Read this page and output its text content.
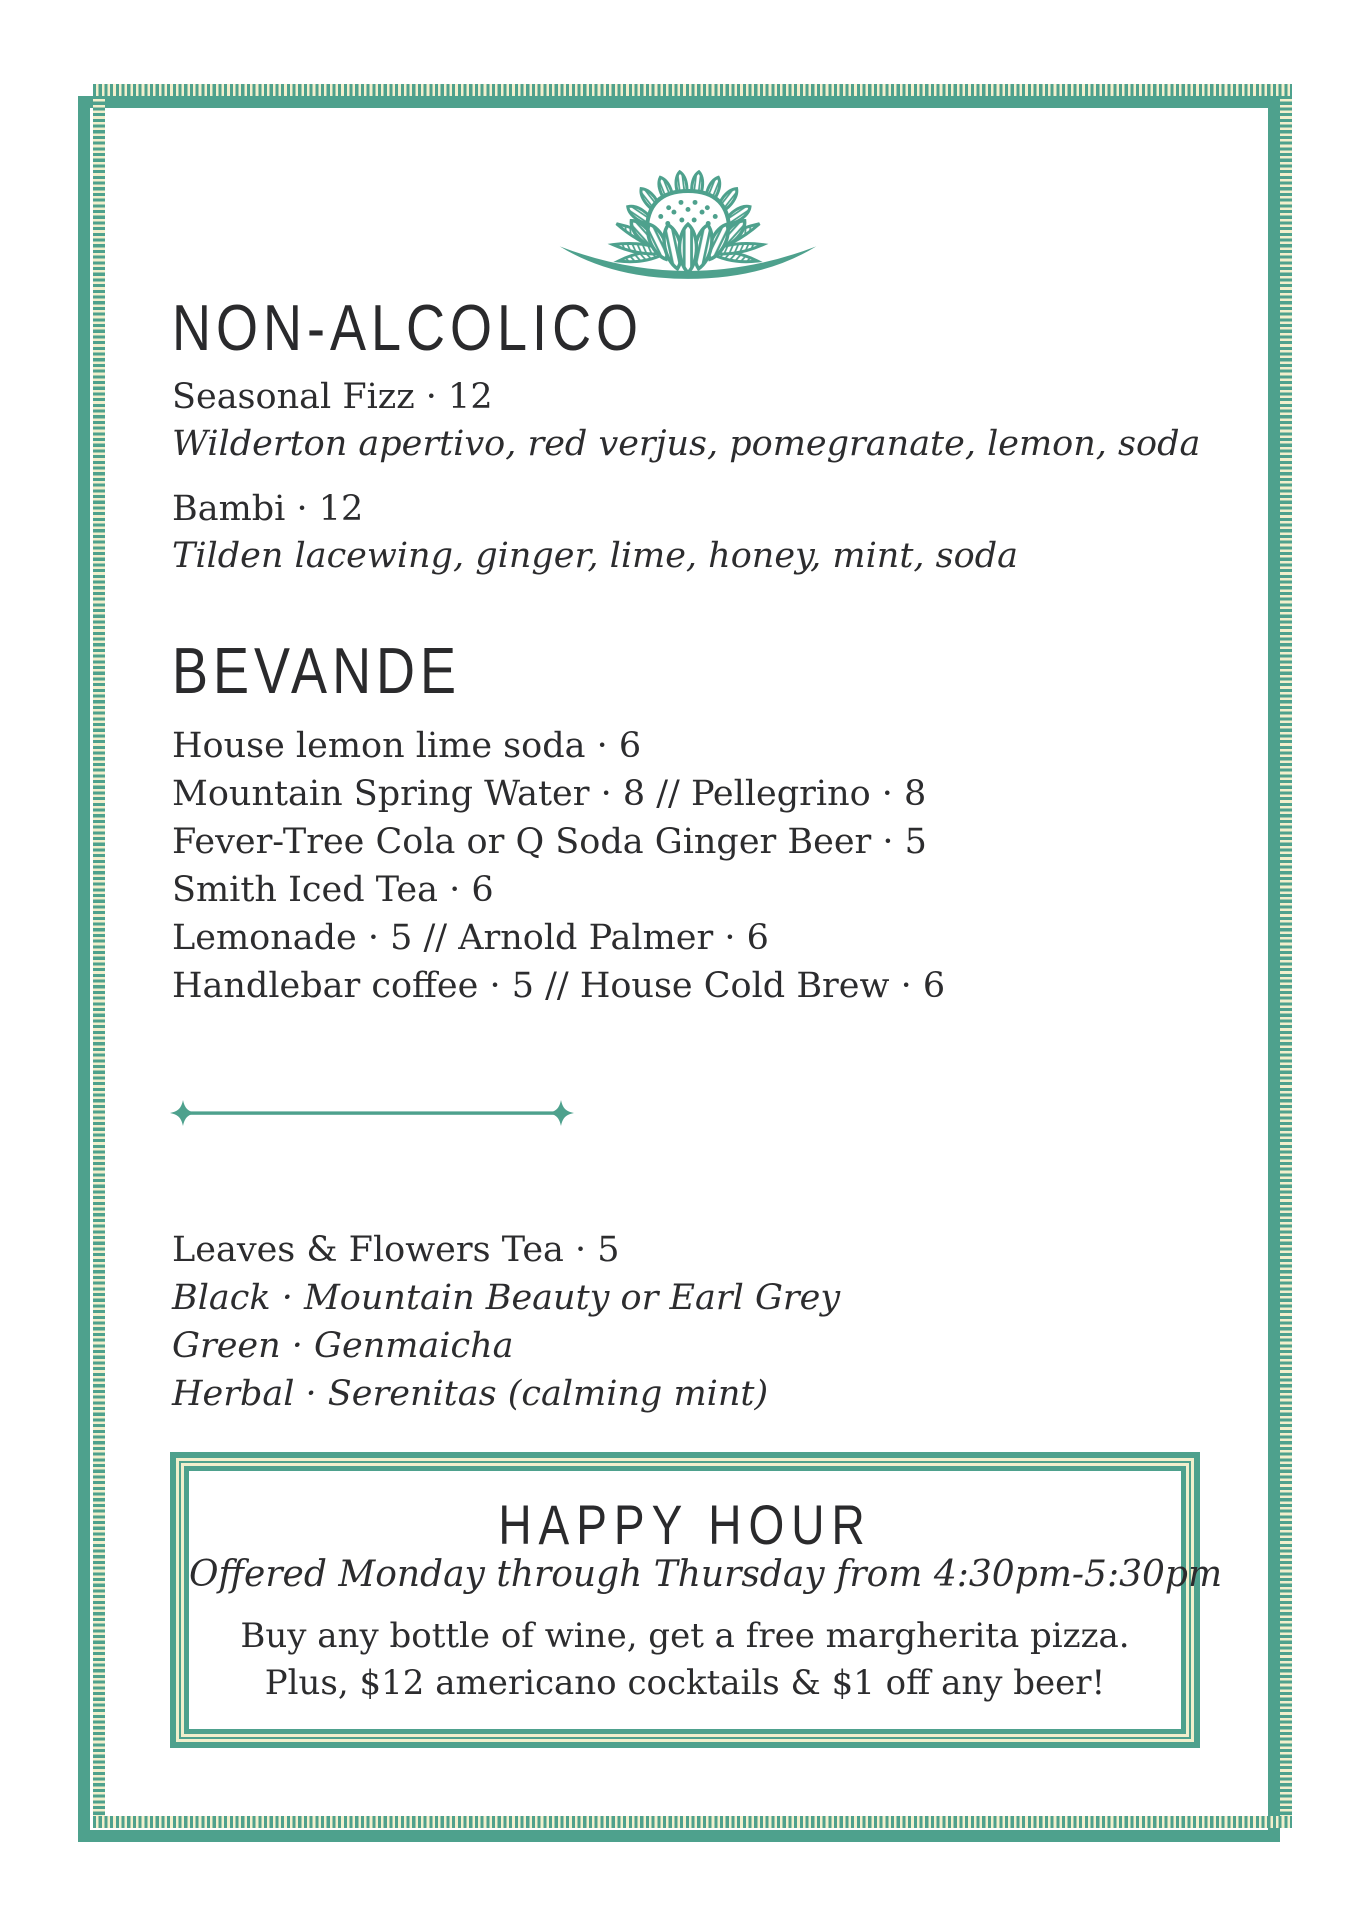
NON-ALCOLICO
Seasonal Fizz · 12
Wilderton apertivo, red verjus, pomegranate, lemon, soda
Bambi · 12
Tilden lacewing, ginger, lime, honey, mint, soda
BEVANDE
House lemon lime soda · 6
Mountain Spring Water · 8 // Pellegrino · 8
Fever-Tree Cola or Q Soda Ginger Beer · 5
Smith Iced Tea · 6
Lemonade · 5 // Arnold Palmer · 6
Handlebar coffee · 5 // House Cold Brew · 6
Leaves & Flowers Tea · 5
Black · Mountain Beauty or Earl Grey
Green · Genmaicha
Herbal · Serenitas (calming mint)
HAPPY HOUR
Offered Monday through Thursday from 4:30pm-5:30pm
Buy any bottle of wine, get a free margherita pizza.
Plus, $12 americano cocktails & $1 off any beer!
